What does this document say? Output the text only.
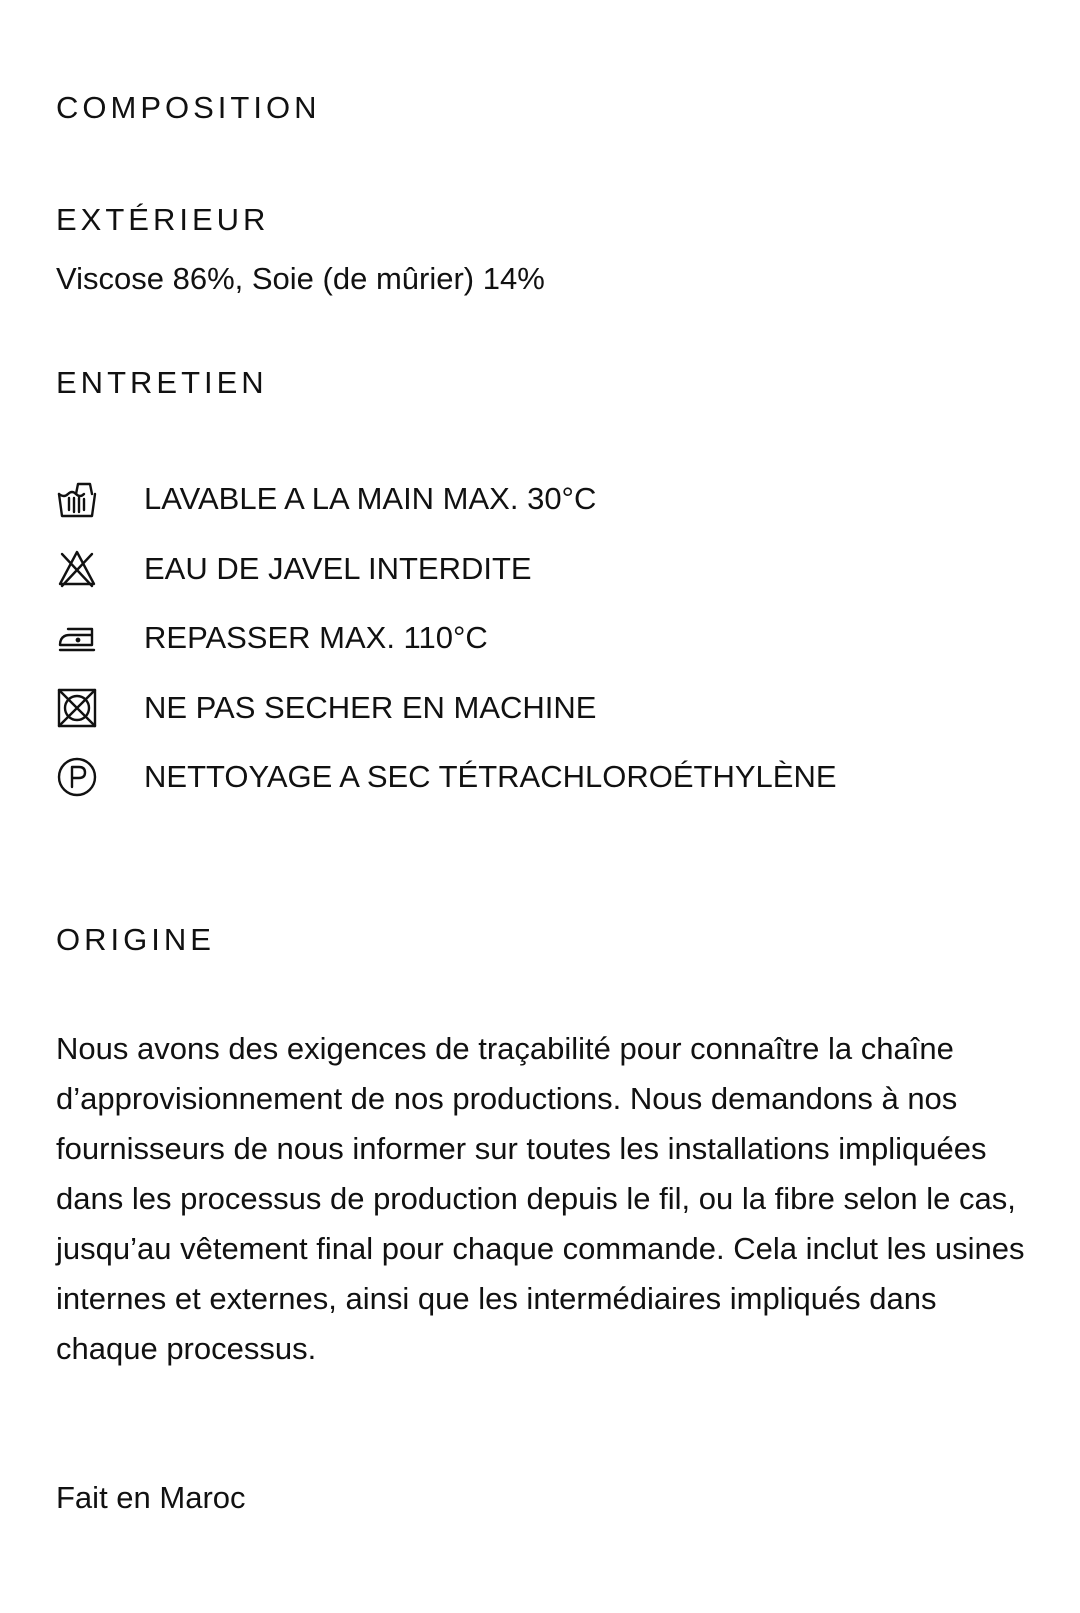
COMPOSITION
EXTÉRIEUR

Viscose 86%, Soie (de mûrier) 14%

ENTRETIEN
LAVABLE A LA MAIN MAX. 30°C
EAU DE JAVEL INTERDITE
REPASSER MAX. 110°C
NE PAS SECHER EN MACHINE
NETTOYAGE A SEC TÉTRACHLOROÉTHYLÈNE
ORIGINE

Nous avons des exigences de traçabilité pour connaître la chaîne d’approvisionnement de nos productions. Nous demandons à nos fournisseurs de nous informer sur toutes les installations impliquées dans les processus de production depuis le fil, ou la fibre selon le cas, jusqu’au vêtement final pour chaque commande. Cela inclut les usines internes et externes, ainsi que les intermédiaires impliqués dans chaque processus.

Fait en Maroc
